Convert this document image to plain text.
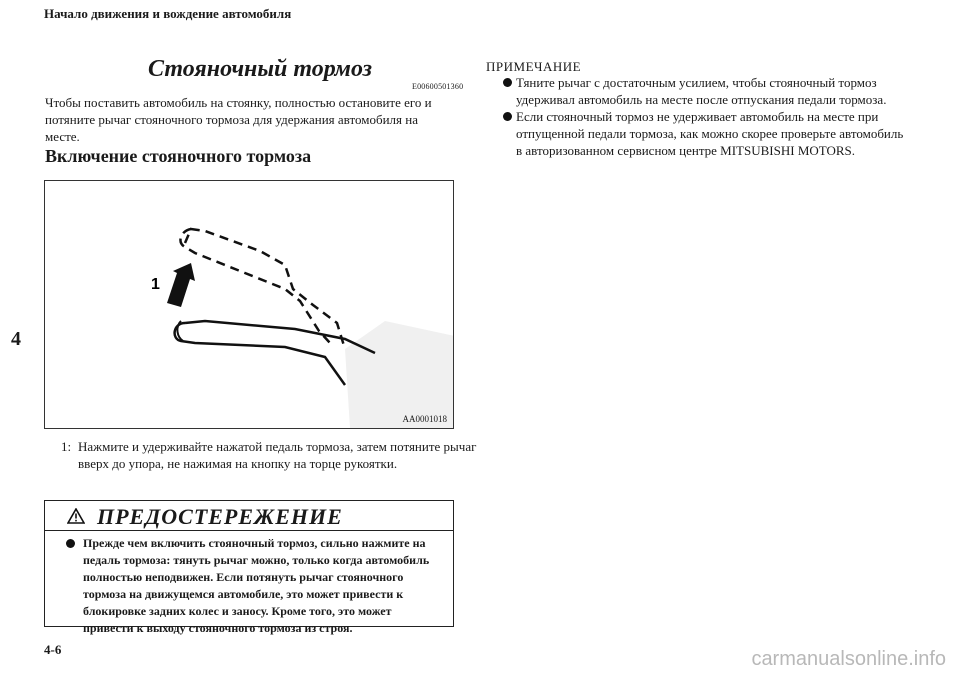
Начало движения и вождение автомобиля
4
Стояночный тормоз
E00600501360
Чтобы поставить автомобиль на стоянку, полностью остановите его и потяните рычаг стояночного тормоза для удержания автомобиля на месте.
Включение стояночного тормоза
1
AA0001018
1: Нажмите и удерживайте нажатой педаль тормоза, затем потяните рычаг вверх до упора, не нажимая на кнопку на торце рукоятки.
ПРЕДОСТЕРЕЖЕНИЕ
Прежде чем включить стояночный тормоз, сильно нажмите на педаль тормоза: тянуть рычаг можно, только когда автомобиль полностью неподвижен. Если потянуть рычаг стояночного тормоза на движущемся автомобиле, это может привести к блокировке задних колес и заносу. Кроме того, это может привести к выходу стояночного тормоза из строя.
ПРИМЕЧАНИЕ
Тяните рычаг с достаточным усилием, чтобы стояночный тормоз удерживал автомобиль на месте после отпускания педали тормоза.
Если стояночный тормоз не удерживает автомобиль на месте при отпущенной педали тормоза, как можно скорее проверьте автомобиль в авторизованном сервисном центре MITSUBISHI MOTORS.
4-6	carmanualsonline.info
